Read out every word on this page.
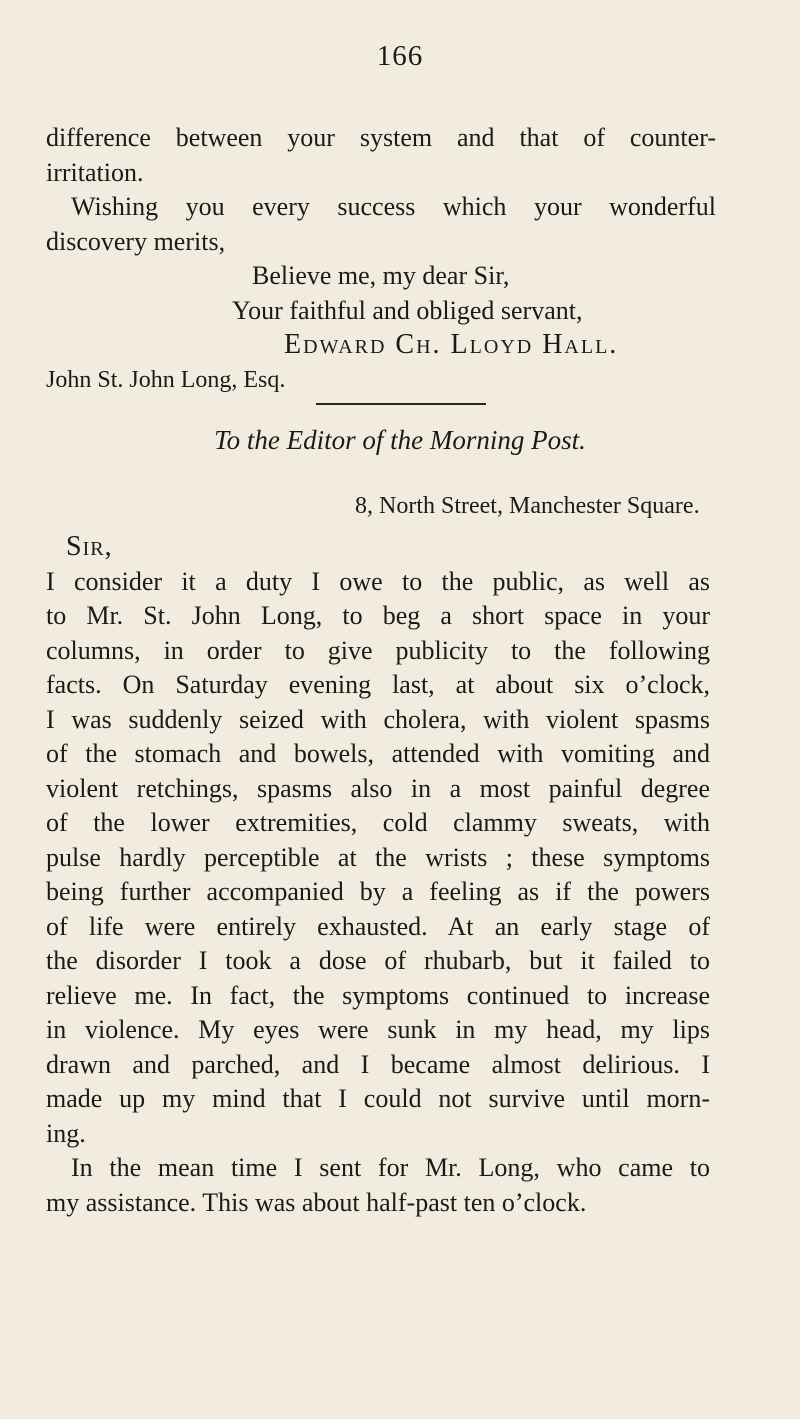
166

difference between your system and that of counter-

irritation.

Wishing you every success which your wonderful

discovery merits,

Believe me, my dear Sir,

Your faithful and obliged servant,

Edward Ch. Lloyd Hall.

John St. John Long, Esq.

To the Editor of the Morning Post.
8, North Street, Manchester Square.

Sir,

I consider it a duty I owe to the public, as well as

to Mr. St. John Long, to beg a short space in your

columns, in order to give publicity to the following

facts. On Saturday evening last, at about six o’clock,

I was suddenly seized with cholera, with violent spasms

of the stomach and bowels, attended with vomiting and

violent retchings, spasms also in a most painful degree

of the lower extremities, cold clammy sweats, with

pulse hardly perceptible at the wrists ; these symptoms

being further accompanied by a feeling as if the powers

of life were entirely exhausted. At an early stage of

the disorder I took a dose of rhubarb, but it failed to

relieve me. In fact, the symptoms continued to increase

in violence. My eyes were sunk in my head, my lips

drawn and parched, and I became almost delirious. I

made up my mind that I could not survive until morn-

ing.

In the mean time I sent for Mr. Long, who came to

my assistance. This was about half-past ten o’clock.
